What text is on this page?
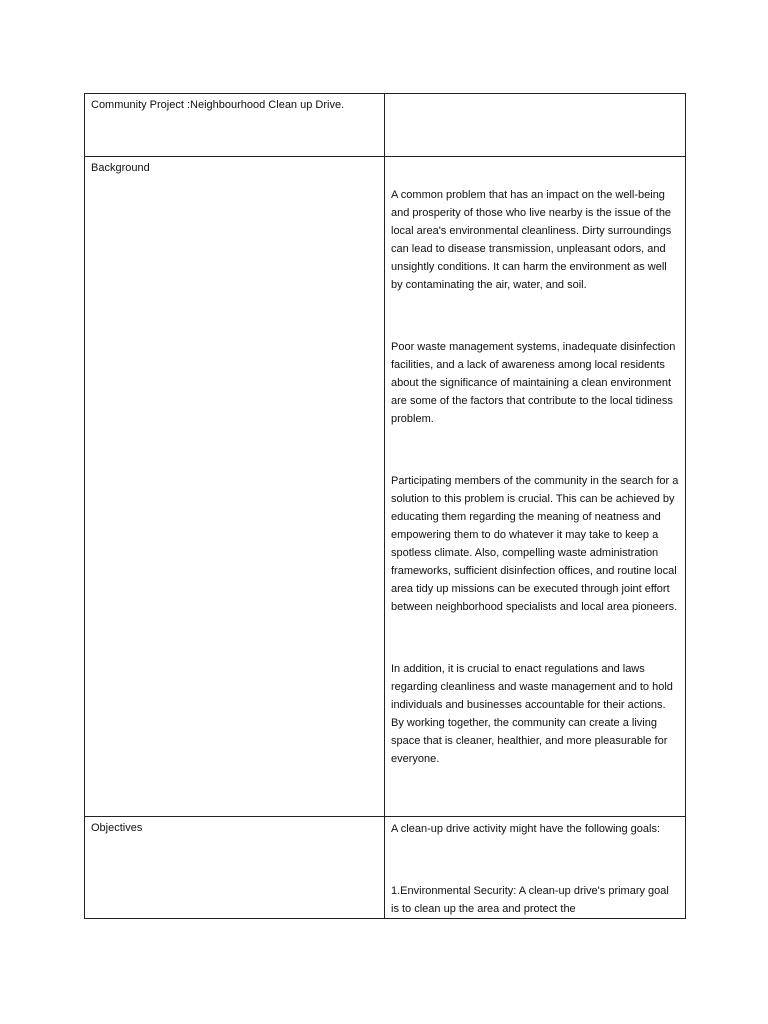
Community Project :Neighbourhood Clean up Drive.	

Background	A common problem that has an impact on the well-being and prosperity of those who live nearby is the issue of the local area's environmental cleanliness. Dirty surroundings can lead to disease transmission, unpleasant odors, and unsightly conditions. It can harm the environment as well by contaminating the air, water, and soil.

Poor waste management systems, inadequate disinfection facilities, and a lack of awareness among local residents about the significance of maintaining a clean environment are some of the factors that contribute to the local tidiness problem.

Participating members of the community in the search for a solution to this problem is crucial. This can be achieved by educating them regarding the meaning of neatness and empowering them to do whatever it may take to keep a spotless climate. Also, compelling waste administration frameworks, sufficient disinfection offices, and routine local area tidy up missions can be executed through joint effort between neighborhood specialists and local area pioneers.

In addition, it is crucial to enact regulations and laws regarding cleanliness and waste management and to hold individuals and businesses accountable for their actions. By working together, the community can create a living space that is cleaner, healthier, and more pleasurable for everyone.

Objectives	A clean-up drive activity might have the following goals:

1.Environmental Security: A clean-up drive's primary goal is to clean up the area and protect the
